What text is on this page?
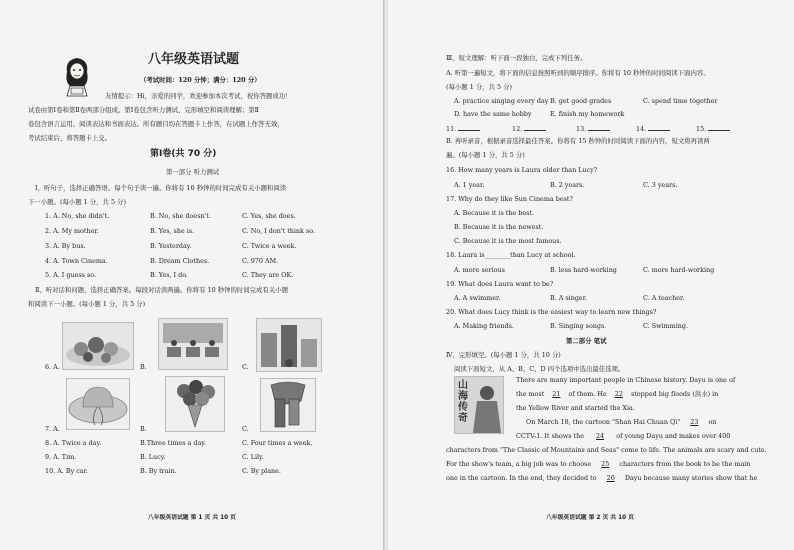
八年级英语试题
（考试时间：120 分钟；满分：120 分）
友情提示：Hi，亲爱的同学，欢迎参加本次考试，祝你答题成功！
试卷由第Ⅰ卷和第Ⅱ卷两部分组成。第Ⅰ卷包含听力测试、完形填空和阅读理解；第Ⅱ
卷包含语言运用、阅读表达和书面表达。所有题目均在答题卡上作答，在试题上作答无效，
考试结束后，将答题卡上交。
第Ⅰ卷(共 70 分)
第一部分 听力测试
Ⅰ、听句子，选择正确答语。每个句子读一遍。你将有 10 秒钟的时间完成有关小题和阅读
下一小题。(每小题 1 分，共 5 分)
1. A. No, she didn't.	B. No, she doesn't.	C. Yes, she does.
2. A. My mother.	B. Yes, she is.	C. No, I don't think so.
3. A. By bus.	B. Yesterday.	C. Twice a week.
4. A. Town Cinema.	B. Dream Clothes.	C. 970 AM.
5. A. I guess so.	B. Yes, I do.	C. They are OK.
Ⅱ、听对话和问题，选择正确答案。每段对话读两遍。你将有 10 秒钟的时间完成有关小题
和阅读下一小题。(每小题 1 分，共 5 分)
6. A.	B.	C.
7. A.	B.	C.
8. A. Twice a day.	B.Three times a day.	C. Four times a week.
9. A. Tim.	B. Lucy.	C. Lily.
10. A. By car.	B. By train.	C. By plane.
八年级英语试题 第 1 页 共 10 页
Ⅲ、短文理解：听下面一段独白，完成下列任务。
A. 听第一遍短文，将下面的信息按照听到的顺序排序。你将有 10 秒钟的时间阅读下面内容。
(每小题 1 分，共 5 分)
A. practice singing every day B. get good grades	C. spend time together
D. have the same hobby	E. finish my homework
11.	12.	13.	14.	15.
B. 再听录音，根据录音选择最佳答案。你将有 15 秒钟的时间阅读下面的内容，短文将再读两
遍。(每小题 1 分，共 5 分)
16. How many years is Laura older than Lucy?
A. 1 year.	B. 2 years.	C. 3 years.
17. Why do they like Sun Cinema best?
A. Because it is the best.
B. Because it is the newest.
C. Because it is the most famous.
18. Laura is________than Lucy at school.
A. more serious	B. less hard-working	C. more hard-working
19. What does Laura want to be?
A. A swimmer.	B. A singer.	C. A teacher.
20. What does Lucy think is the easiest way to learn new things?
A. Making friends.	B. Singing songs.	C. Swimming.
第二部分 笔试
Ⅳ、完形填空。(每小题 1 分，共 10 分)
阅读下面短文，从 A、B、C、D 四个选项中选出最佳选项。
山海传奇
There are many important people in Chinese history. Dayu is one of
the most 21 of them. He 22 stopped big floods (洪水) in
the Yellow River and started the Xia.
On March 18, the cartoon "Shan Hai Chuan Qi" 23 on
CCTV-1. It shows the 24 of young Dayu and makes over 400
characters from "The Classic of Mountains and Seas" come to life. The animals are scary and cute.
For the show's team, a big job was to choose 25 characters from the book to be the main
one in the cartoon. In the end, they decided to 26 Dayu because many stories show that he
八年级英语试题 第 2 页 共 10 页
